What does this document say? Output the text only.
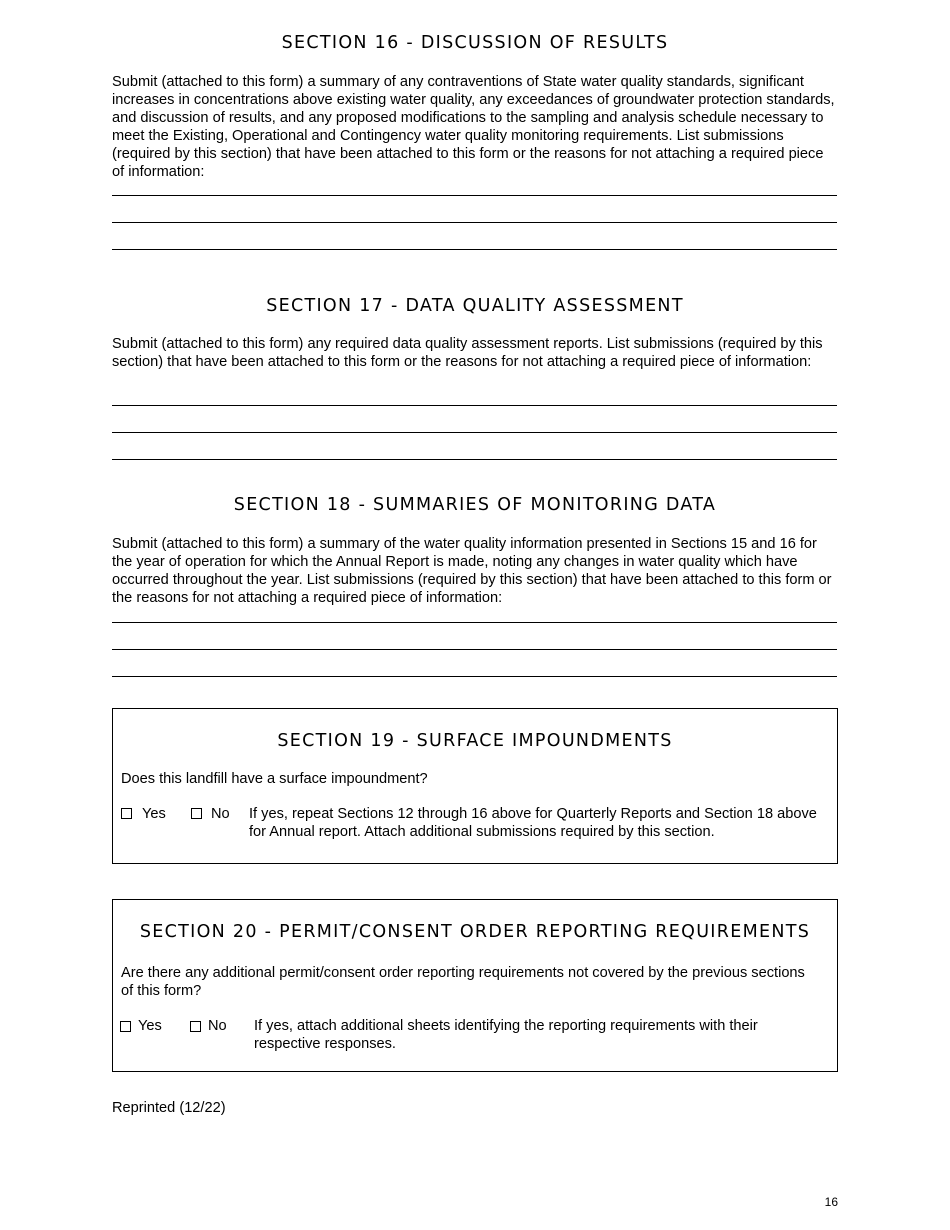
SECTION 16 - DISCUSSION OF RESULTS

Submit (attached to this form) a summary of any contraventions of State water quality standards, significant increases in concentrations above existing water quality, any exceedances of groundwater protection standards, and discussion of results, and any proposed modifications to the sampling and analysis schedule necessary to meet the Existing, Operational and Contingency water quality monitoring requirements. List submissions (required by this section) that have been attached to this form or the reasons for not attaching a required piece of information:

SECTION 17 - DATA QUALITY ASSESSMENT

Submit (attached to this form) any required data quality assessment reports. List submissions (required by this section) that have been attached to this form or the reasons for not attaching a required piece of information:

SECTION 18 - SUMMARIES OF MONITORING DATA

Submit (attached to this form) a summary of the water quality information presented in Sections 15 and 16 for the year of operation for which the Annual Report is made, noting any changes in water quality which have occurred throughout the year. List submissions (required by this section) that have been attached to this form or the reasons for not attaching a required piece of information:

SECTION 19 - SURFACE IMPOUNDMENTS

Does this landfill have a surface impoundment?

Yes	No If yes, repeat Sections 12 through 16 above for Quarterly Reports and Section 18 above for Annual report. Attach additional submissions required by this section.

SECTION 20 - PERMIT/CONSENT ORDER REPORTING REQUIREMENTS

Are there any additional permit/consent order reporting requirements not covered by the previous sections of this form?

Yes	No If yes, attach additional sheets identifying the reporting requirements with their respective responses.

Reprinted (12/22)
16
